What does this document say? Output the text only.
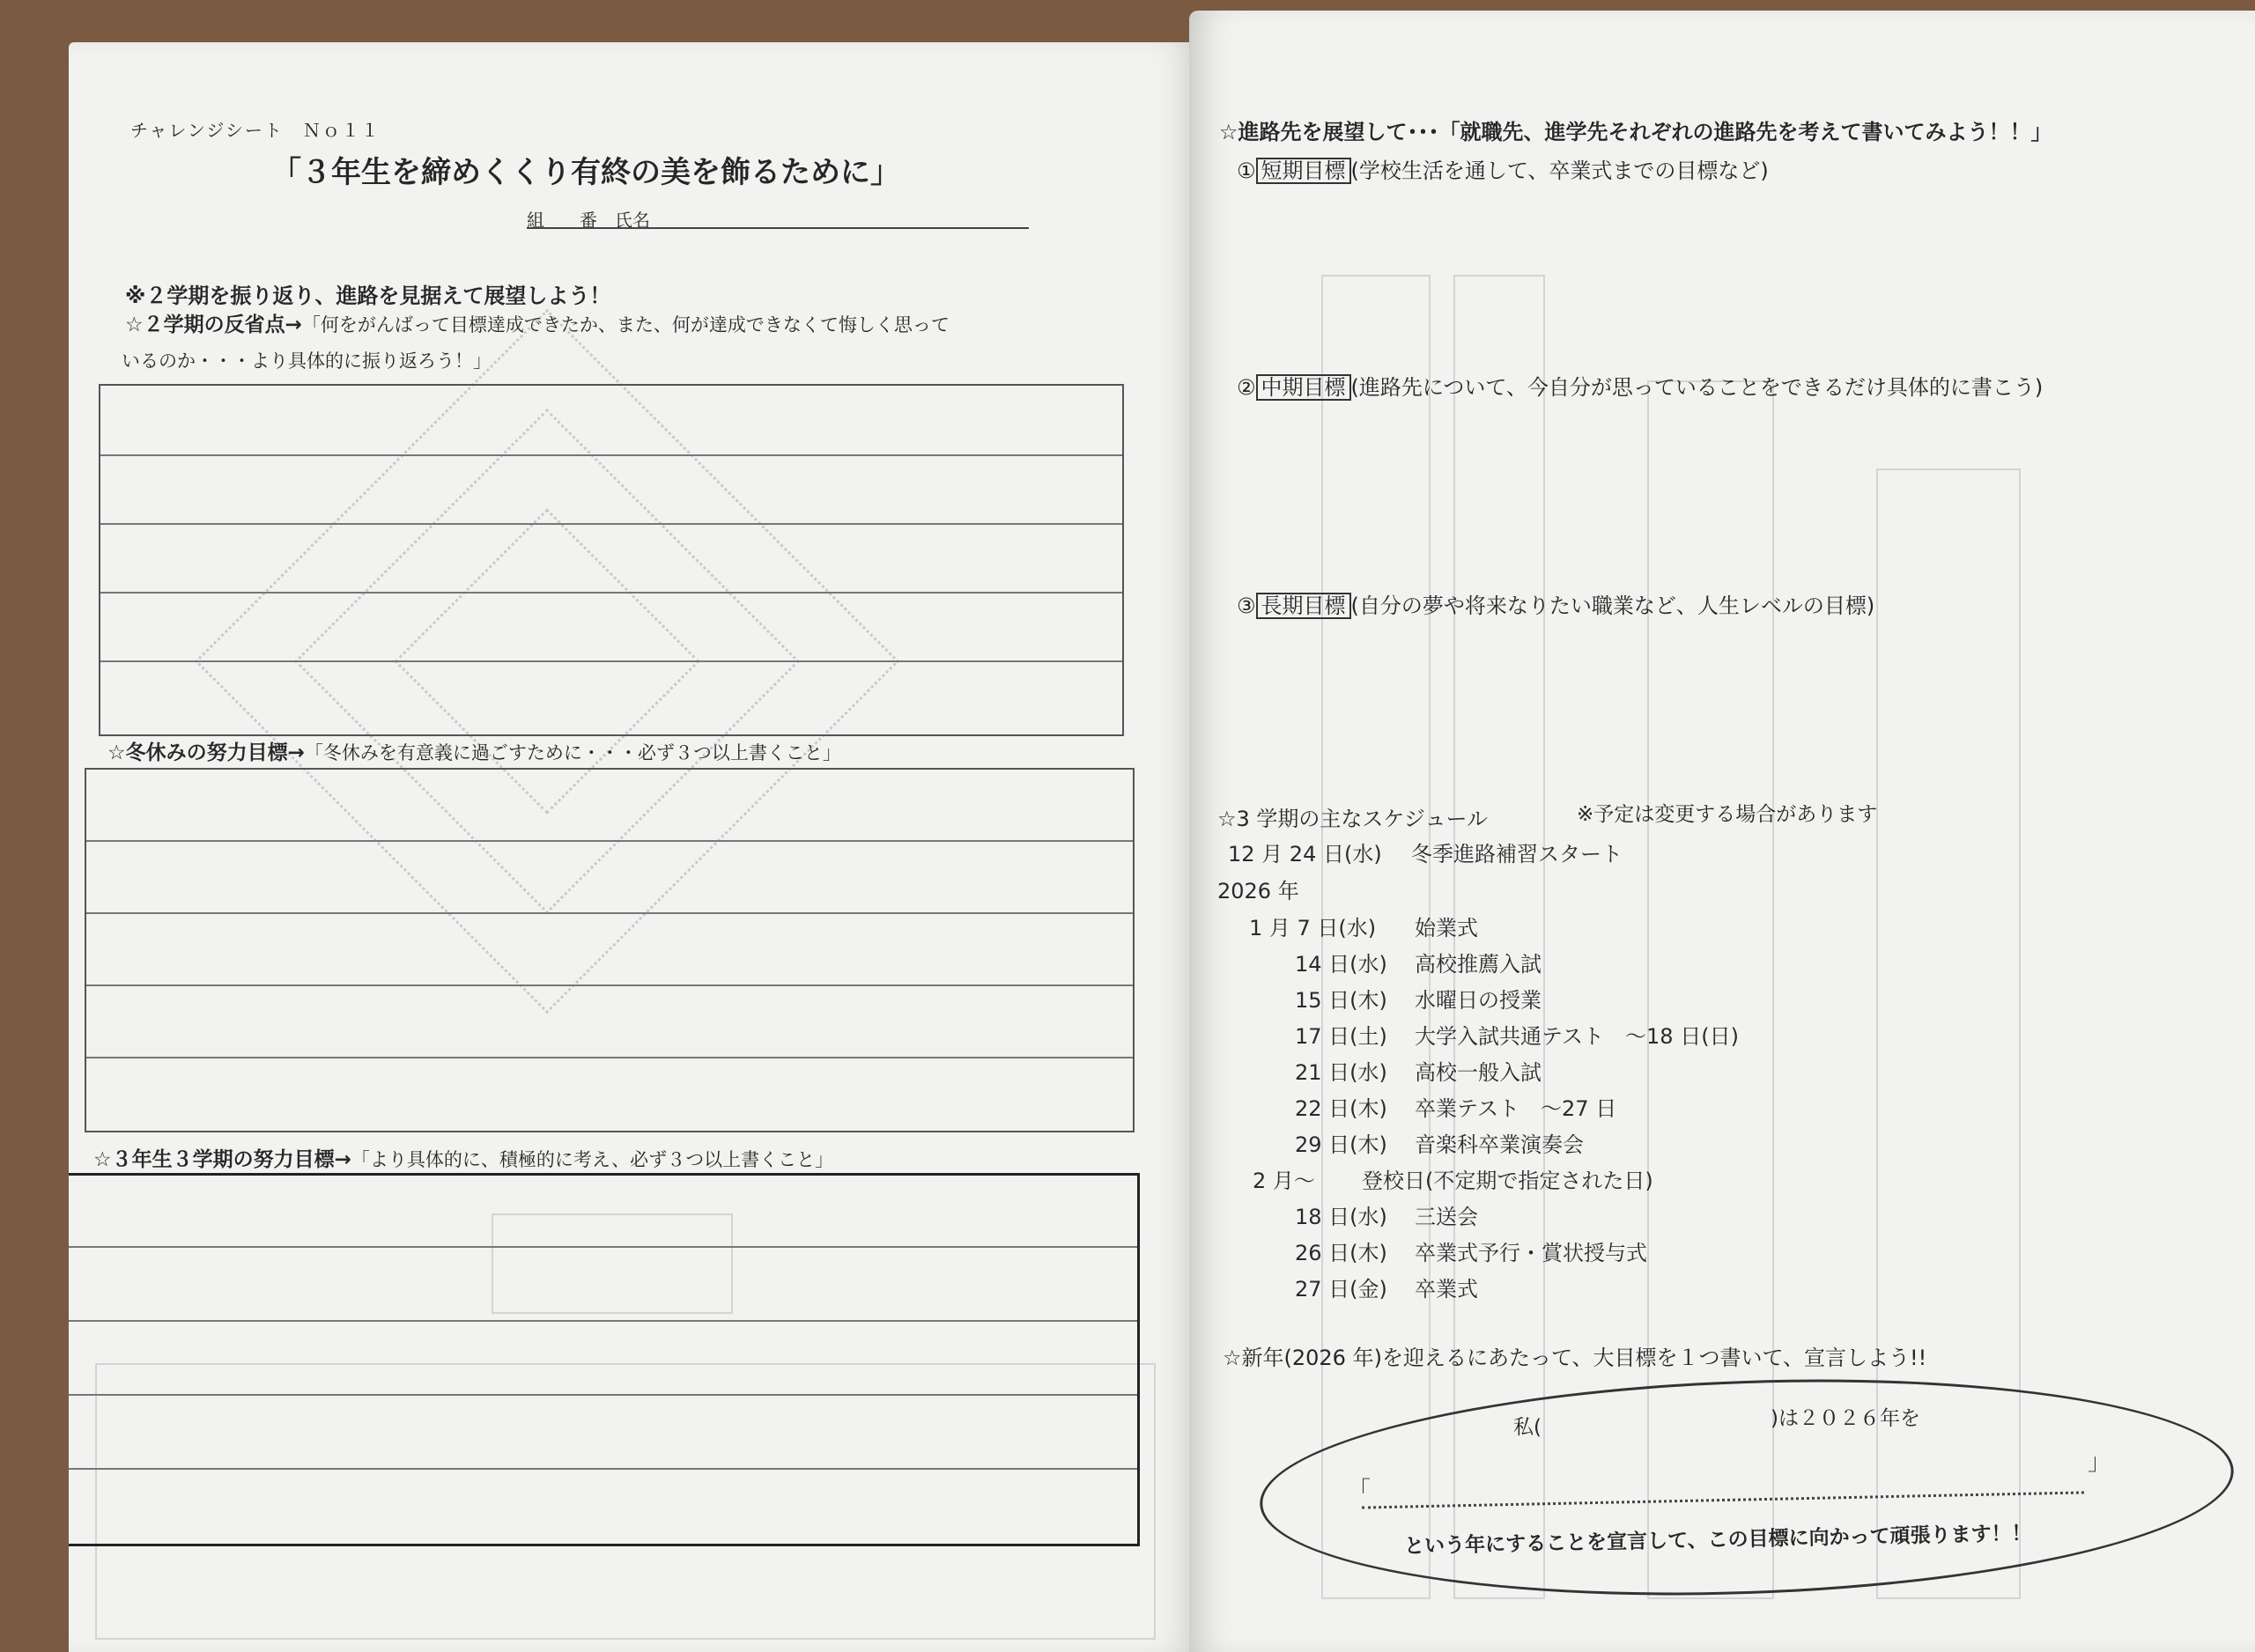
チャレンジシート　Ｎｏ１１
「３年生を締めくくり有終の美を飾るために」
組　　番　氏名
※２学期を振り返り、進路を見据えて展望しよう！
☆２学期の反省点→「何をがんばって目標達成できたか、また、何が達成できなくて悔しく思って
いるのか・・・より具体的に振り返ろう！」
☆冬休みの努力目標→「冬休みを有意義に過ごすために・・・必ず３つ以上書くこと」
☆３年生３学期の努力目標→「より具体的に、積極的に考え、必ず３つ以上書くこと」
☆進路先を展望して･･･「就職先、進学先それぞれの進路先を考えて書いてみよう！！」
① 短期目標 (学校生活を通して、卒業式までの目標など)
② 中期目標 (進路先について、今自分が思っていることをできるだけ具体的に書こう)
③ 長期目標 (自分の夢や将来なりたい職業など、人生レベルの目標)
☆3 学期の主なスケジュール	※予定は変更する場合があります
12 月 24 日(水) 冬季進路補習スタート
2026 年
1 月 7 日(水) 始業式
14 日(水) 高校推薦入試
15 日(木) 水曜日の授業
17 日(土) 大学入試共通テスト　～18 日(日)
21 日(水) 高校一般入試
22 日(木) 卒業テスト　～27 日
29 日(木) 音楽科卒業演奏会
2 月～ 登校日(不定期で指定された日)
18 日(水) 三送会
26 日(木) 卒業式予行・賞状授与式
27 日(金) 卒業式
☆新年(2026 年)を迎えるにあたって、大目標を１つ書いて、宣言しよう!!
私(	)は２０２６年を
「
」
という年にすることを宣言して、この目標に向かって頑張ります！！
